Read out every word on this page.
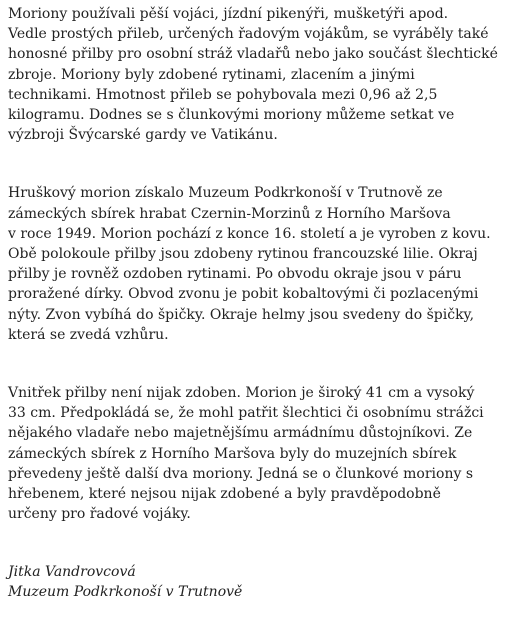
Moriony používali pěší vojáci, jízdní pikenýři, mušketýři apod.
Vedle prostých přileb, určených řadovým vojákům, se vyráběly také
honosné přilby pro osobní stráž vladařů nebo jako součást šlechtické
zbroje. Moriony byly zdobené rytinami, zlacením a jinými
technikami. Hmotnost přileb se pohybovala mezi 0,96 až 2,5
kilogramu. Dodnes se s člunkovými moriony můžeme setkat ve
výzbroji Švýcarské gardy ve Vatikánu.

Hruškový morion získalo Muzeum Podkrkonoší v Trutnově ze
zámeckých sbírek hrabat Czernin-Morzinů z Horního Maršova
v roce 1949. Morion pochází z konce 16. století a je vyroben z kovu.
Obě polokoule přilby jsou zdobeny rytinou francouzské lilie. Okraj
přilby je rovněž ozdoben rytinami. Po obvodu okraje jsou v páru
proražené dírky. Obvod zvonu je pobit kobaltovými či pozlacenými
nýty. Zvon vybíhá do špičky. Okraje helmy jsou svedeny do špičky,
která se zvedá vzhůru.

Vnitřek přilby není nijak zdoben. Morion je široký 41 cm a vysoký
33 cm. Předpokládá se, že mohl patřit šlechtici či osobnímu strážci
nějakého vladaře nebo majetnějšímu armádnímu důstojníkovi. Ze
zámeckých sbírek z Horního Maršova byly do muzejních sbírek
převedeny ještě další dva moriony. Jedná se o člunkové moriony s
hřebenem, které nejsou nijak zdobené a byly pravděpodobně
určeny pro řadové vojáky.

Jitka Vandrovcová
Muzeum Podkrkonoší v Trutnově
